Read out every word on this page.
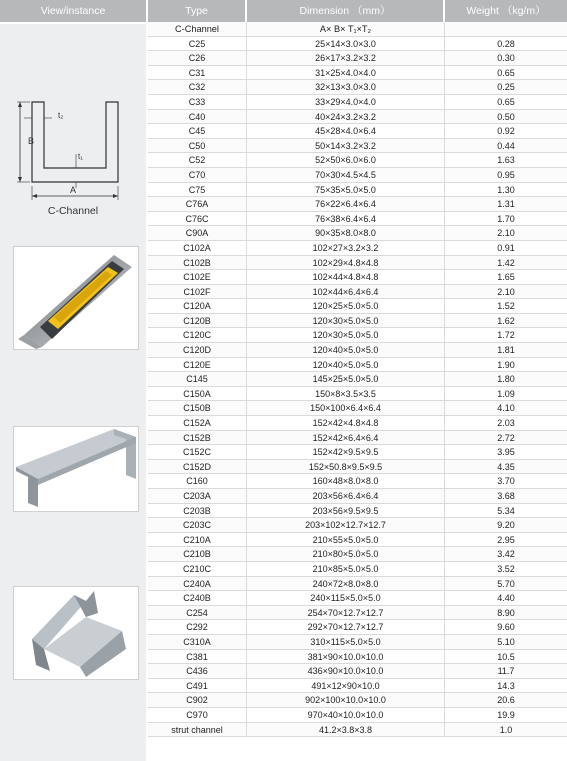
View/instance	Type	Dimension （mm）	Weight （kg/m）
B
t₂
t₁
A
C-Channel
C-Channel	A× B× T₁×T₂
C25	25×14×3.0×3.0	0.28
C26	26×17×3.2×3.2	0.30
C31	31×25×4.0×4.0	0.65
C32	32×13×3.0×3.0	0.25
C33	33×29×4.0×4.0	0.65
C40	40×24×3.2×3.2	0.50
C45	45×28×4.0×6.4	0.92
C50	50×14×3.2×3.2	0.44
C52	52×50×6.0×6.0	1.63
C70	70×30×4.5×4.5	0.95
C75	75×35×5.0×5.0	1.30
C76A	76×22×6.4×6.4	1.31
C76C	76×38×6.4×6.4	1.70
C90A	90×35×8.0×8.0	2.10
C102A	102×27×3.2×3.2	0.91
C102B	102×29×4.8×4.8	1.42
C102E	102×44×4.8×4.8	1.65
C102F	102×44×6.4×6.4	2.10
C120A	120×25×5.0×5.0	1.52
C120B	120×30×5.0×5.0	1.62
C120C	120×30×5.0×5.0	1.72
C120D	120×40×5.0×5.0	1.81
C120E	120×40×5.0×5.0	1.90
C145	145×25×5.0×5.0	1.80
C150A	150×8×3.5×3.5	1.09
C150B	150×100×6.4×6.4	4.10
C152A	152×42×4.8×4.8	2.03
C152B	152×42×6.4×6.4	2.72
C152C	152×42×9.5×9.5	3.95
C152D	152×50.8×9.5×9.5	4.35
C160	160×48×8.0×8.0	3.70
C203A	203×56×6.4×6.4	3.68
C203B	203×56×9.5×9.5	5.34
C203C	203×102×12.7×12.7	9.20
C210A	210×55×5.0×5.0	2.95
C210B	210×80×5.0×5.0	3.42
C210C	210×85×5.0×5.0	3.52
C240A	240×72×8.0×8.0	5.70
C240B	240×115×5.0×5.0	4.40
C254	254×70×12.7×12.7	8.90
C292	292×70×12.7×12.7	9.60
C310A	310×115×5.0×5.0	5.10
C381	381×90×10.0×10.0	10.5
C436	436×90×10.0×10.0	11.7
C491	491×12×90×10.0	14.3
C902	902×100×10.0×10.0	20.6
C970	970×40×10.0×10.0	19.9
strut channel	41.2×3.8×3.8	1.0
